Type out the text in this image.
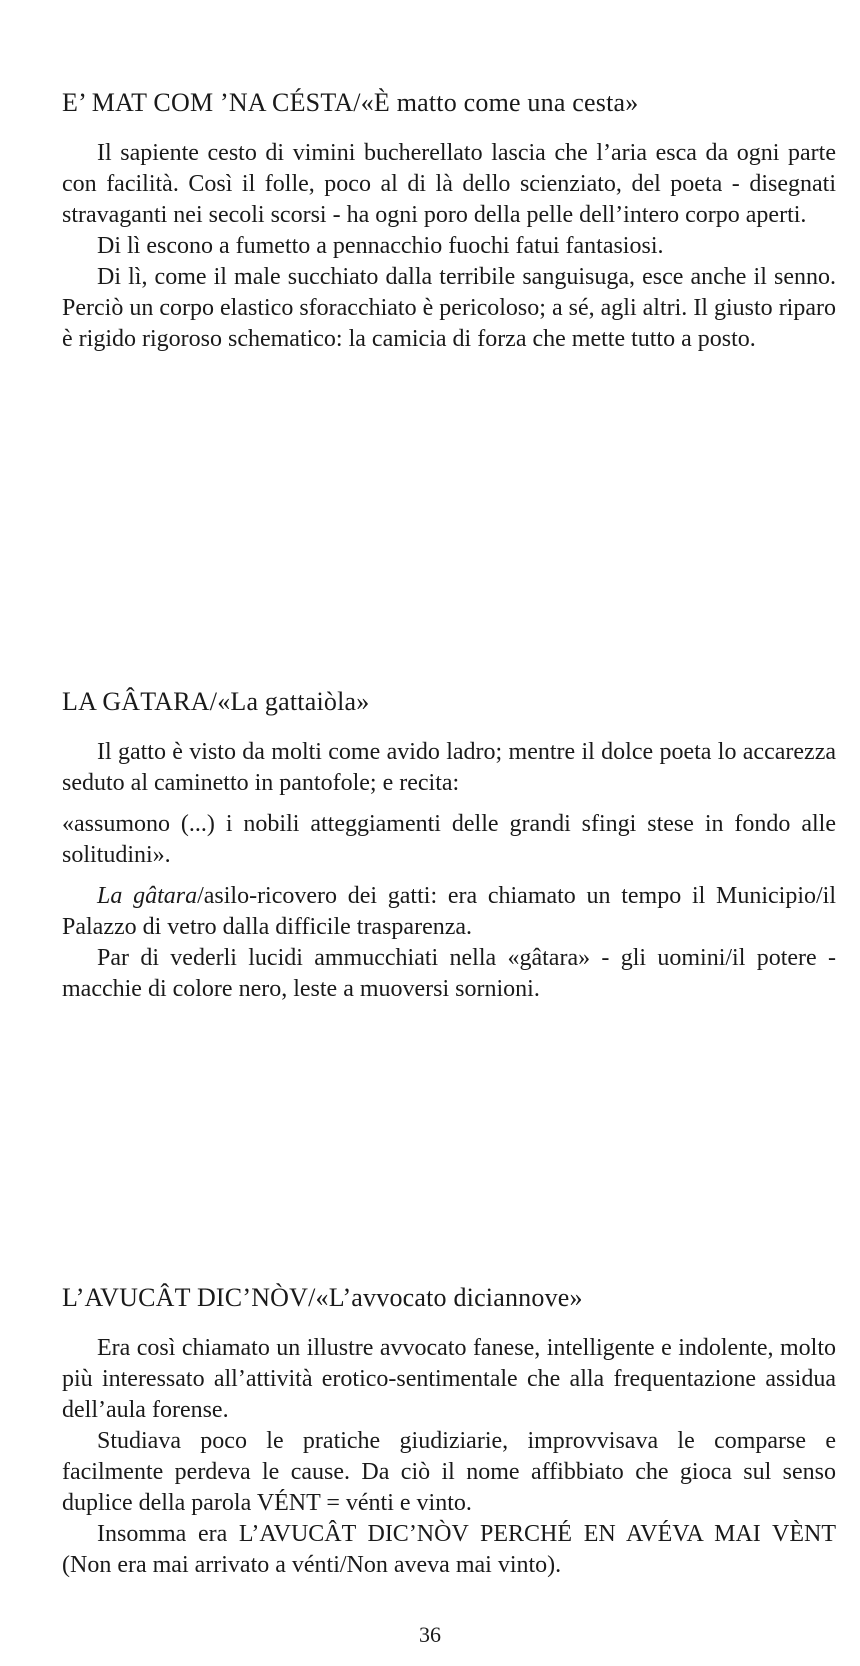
E’ MAT COM ’NA CÉSTA/«È matto come una cesta»

Il sapiente cesto di vimini bucherellato lascia che l’aria esca da ogni parte con facilità. Così il folle, poco al di là dello scienziato, del poeta - disegnati stravaganti nei secoli scorsi - ha ogni poro della pelle dell’intero corpo aperti.

Di lì escono a fumetto a pennacchio fuochi fatui fantasiosi.

Di lì, come il male succhiato dalla terribile sanguisuga, esce anche il senno. Perciò un corpo elastico sforacchiato è pericoloso; a sé, agli altri. Il giusto riparo è rigido rigoroso schematico: la camicia di forza che mette tutto a posto.

LA GÂTARA/«La gattaiòla»

Il gatto è visto da molti come avido ladro; mentre il dolce poeta lo accarezza seduto al caminetto in pantofole; e recita:

«assumono (...) i nobili atteggiamenti delle grandi sfingi stese in fondo alle solitudini».

La gâtara/asilo-ricovero dei gatti: era chiamato un tempo il Municipio/il Palazzo di vetro dalla difficile trasparenza.

Par di vederli lucidi ammucchiati nella «gâtara» - gli uomini/il potere - macchie di colore nero, leste a muoversi sornioni.

L’AVUCÂT DIC’NÒV/«L’avvocato diciannove»

Era così chiamato un illustre avvocato fanese, intelligente e indolente, molto più interessato all’attività erotico-sentimentale che alla frequentazione assidua dell’aula forense.

Studiava poco le pratiche giudiziarie, improvvisava le comparse e facilmente perdeva le cause. Da ciò il nome affibbiato che gioca sul senso duplice della parola VÉNT = vénti e vinto.

Insomma era L’AVUCÂT DIC’NÒV PERCHÉ EN AVÉVA MAI VÈNT (Non era mai arrivato a vénti/Non aveva mai vinto).

36
